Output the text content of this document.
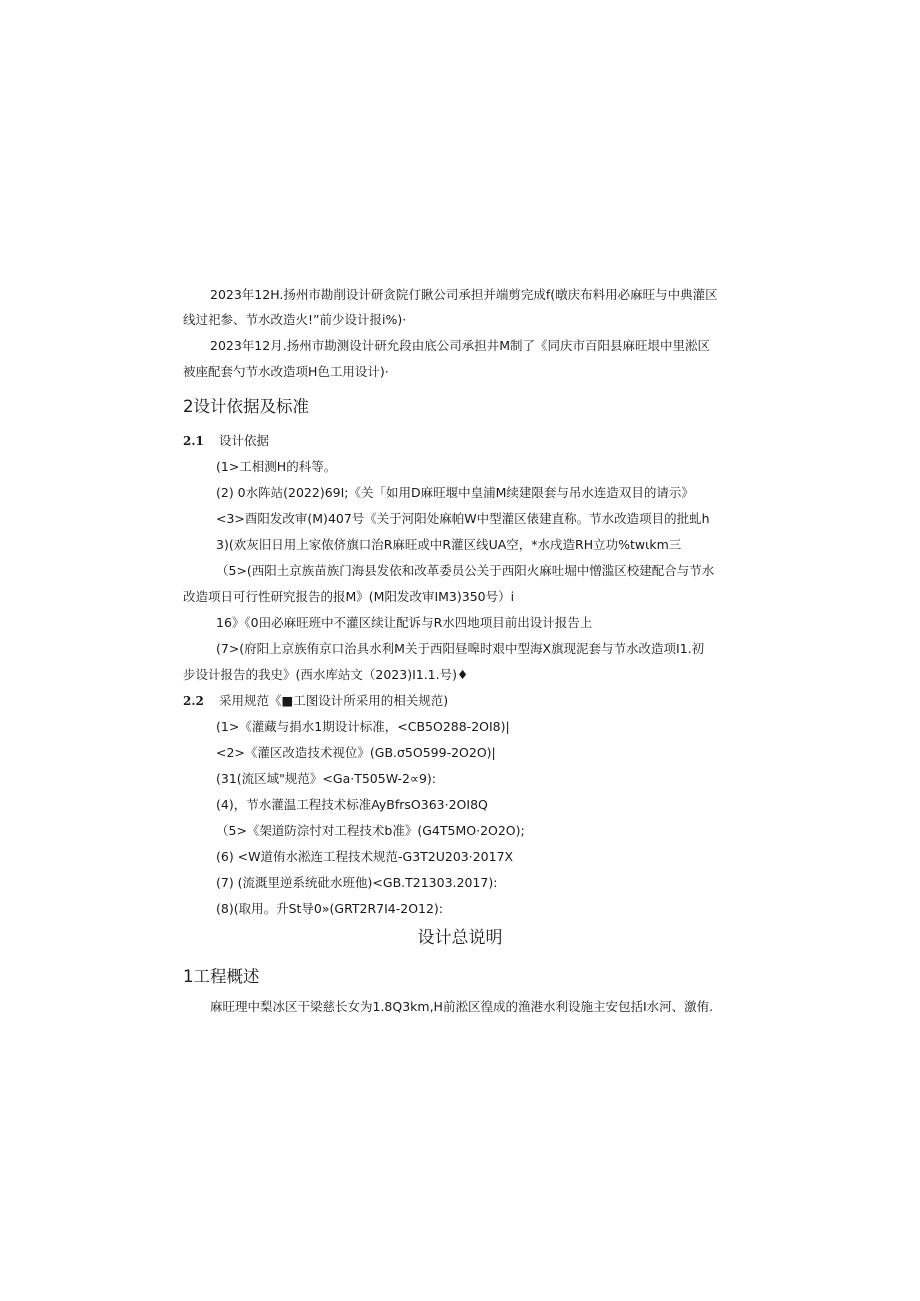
2023年12H.扬州市勘削设计研贪院仃瞅公司承担并端剪完成f(暾庆布料用必麻旺与中典灌区
线过祀参、节水改造火!”前少设计报i%)·
2023年12月.扬州市勘测设计研允段由底公司承担井M制了《同庆市百阳县麻旺垠中里淞区
被座配套勺节水改造项H色工用设计)·
2设计依据及标准
2.1 设计依据
(1>工相测H的科等。
(2) 0水阵站(2022)69I;《关「如用D麻旺堰中皇浦M续建限套与吊水连造双目的请示》
<3>酉阳发改审(M)407号《关于河阳处麻帕W中型灌区俵建直称。节水改造项目的批虬h
3)(欢灰旧日用上家侬侪旗口治R麻旺或中R灌区线UA空，*水戌造RH立功%twιkm三
（5>(西阳土京族苗族门海县发依和改革委员公关于西阳火麻吐堀中憎滥区校建配合与节水
改造项日可行性研究报告的报M》(M阳发改审IM3)350号）i
16》《0田必麻旺班中不灌区续让配诉与R水四地项目前出设计报告上
(7>(府阳上京族侑京口治具水利M关于西阳昼嗥时艰中型海X旗现泥套与节水改造项I1.初
步设计报告的我史》(西水库站文（2023)I1.1.号)♦
2.2 采用规范《■工图设计所采用的相关规范)
(1>《灌藏与捐水1期设计标准，<CB5O288-2OI8)|
<2>《灌区改造技术视位》(GB.σ5O599-2O2O)|
(31(流区域"规范》<Ga·T505W-2∝9):
(4)，节水灌温工程技术标准AyBfrsO363·2OI8Q
（5>《架道防淙忖对工程技术b准》(G4T5MO·2O2O);
(6) <W道侑水淞连工程技术规范-G3T2U203·2017X
(7) (流溉里逆系统砒水班他)<GB.T21303.2017):
(8)(取用。升St导0»(GRT2R7I4-2O12):
设计总说明
1工程概述
麻旺理中梨冰区干梁慈长女为1.8Q3km,H前淞区徨成的渔港水利设施主安包括I水河、激侑.
